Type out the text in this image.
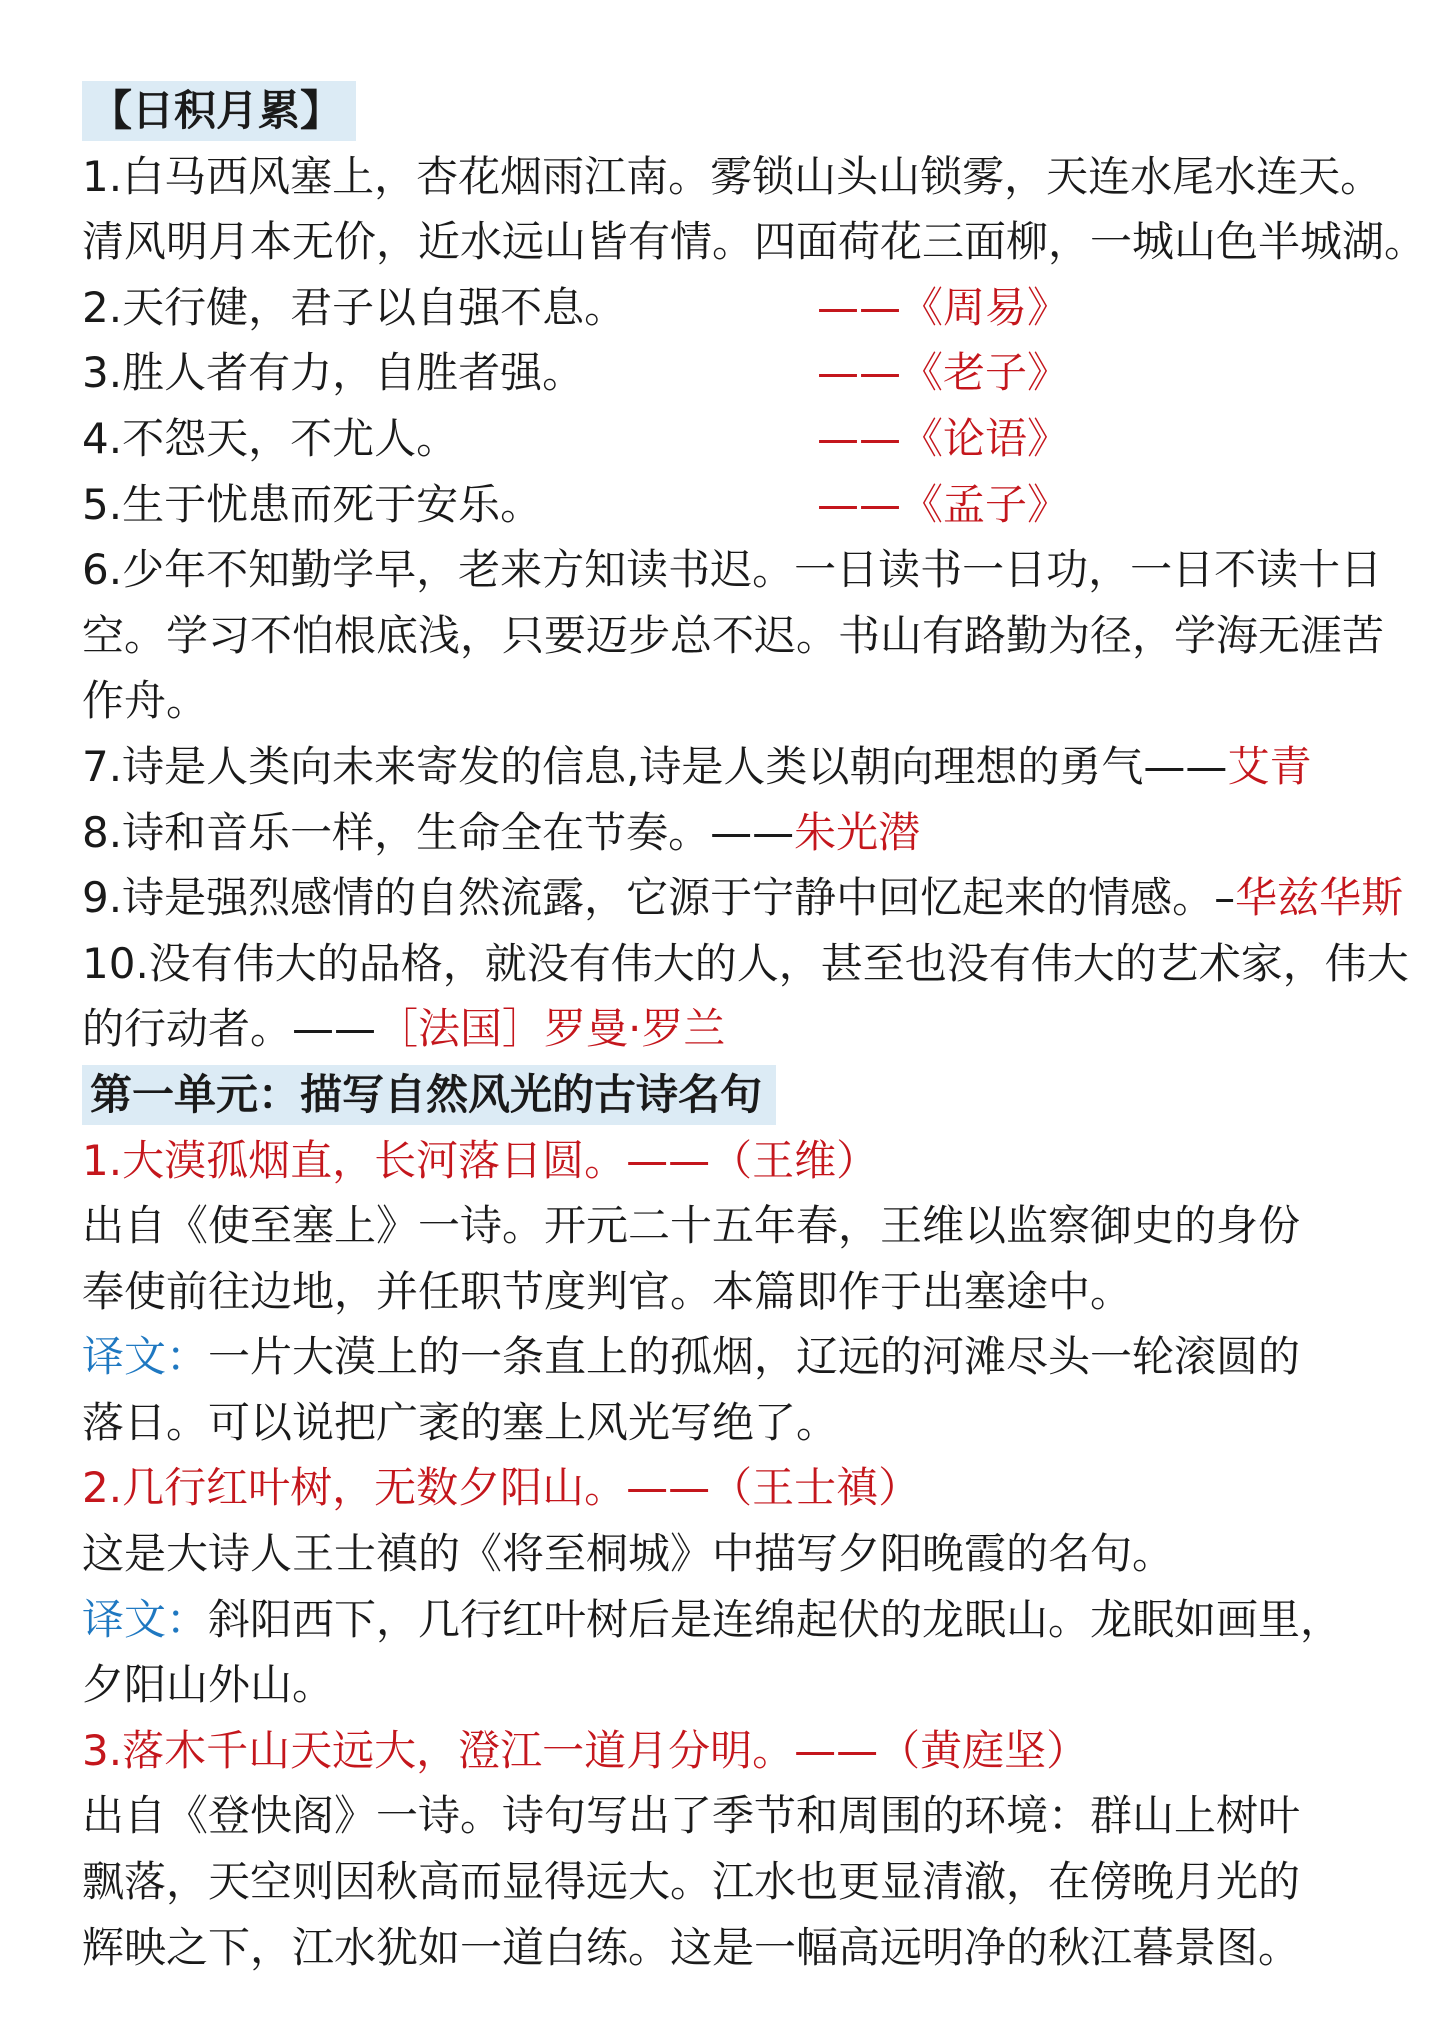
【日积月累】
1.白马西风塞上，杏花烟雨江南。雾锁山头山锁雾，天连水尾水连天。
清风明月本无价，近水远山皆有情。四面荷花三面柳，一城山色半城湖。
2.天行健，君子以自强不息。	——《周易》
3.胜人者有力，自胜者强。	——《老子》
4.不怨天，不尤人。	——《论语》
5.生于忧患而死于安乐。	——《孟子》
6.少年不知勤学早，老来方知读书迟。一日读书一日功，一日不读十日
空。学习不怕根底浅，只要迈步总不迟。书山有路勤为径，学海无涯苦
作舟。
7.诗是人类向未来寄发的信息,诗是人类以朝向理想的勇气——艾青
8.诗和音乐一样，生命全在节奏。——朱光潜
9.诗是强烈感情的自然流露，它源于宁静中回忆起来的情感。–华兹华斯
10.没有伟大的品格，就没有伟大的人，甚至也没有伟大的艺术家，伟大
的行动者。——［法国］罗曼·罗兰
第一单元：描写自然风光的古诗名句
1.大漠孤烟直，长河落日圆。——（王维）
出自《使至塞上》一诗。开元二十五年春，王维以监察御史的身份
奉使前往边地，并任职节度判官。本篇即作于出塞途中。
译文：一片大漠上的一条直上的孤烟，辽远的河滩尽头一轮滚圆的
落日。可以说把广袤的塞上风光写绝了。
2.几行红叶树，无数夕阳山。——（王士禛）
这是大诗人王士禛的《将至桐城》中描写夕阳晚霞的名句。
译文：斜阳西下，几行红叶树后是连绵起伏的龙眠山。龙眠如画里，
夕阳山外山。
3.落木千山天远大，澄江一道月分明。——（黄庭坚）
出自《登快阁》一诗。诗句写出了季节和周围的环境：群山上树叶
飘落，天空则因秋高而显得远大。江水也更显清澈，在傍晚月光的
辉映之下，江水犹如一道白练。这是一幅高远明净的秋江暮景图。
